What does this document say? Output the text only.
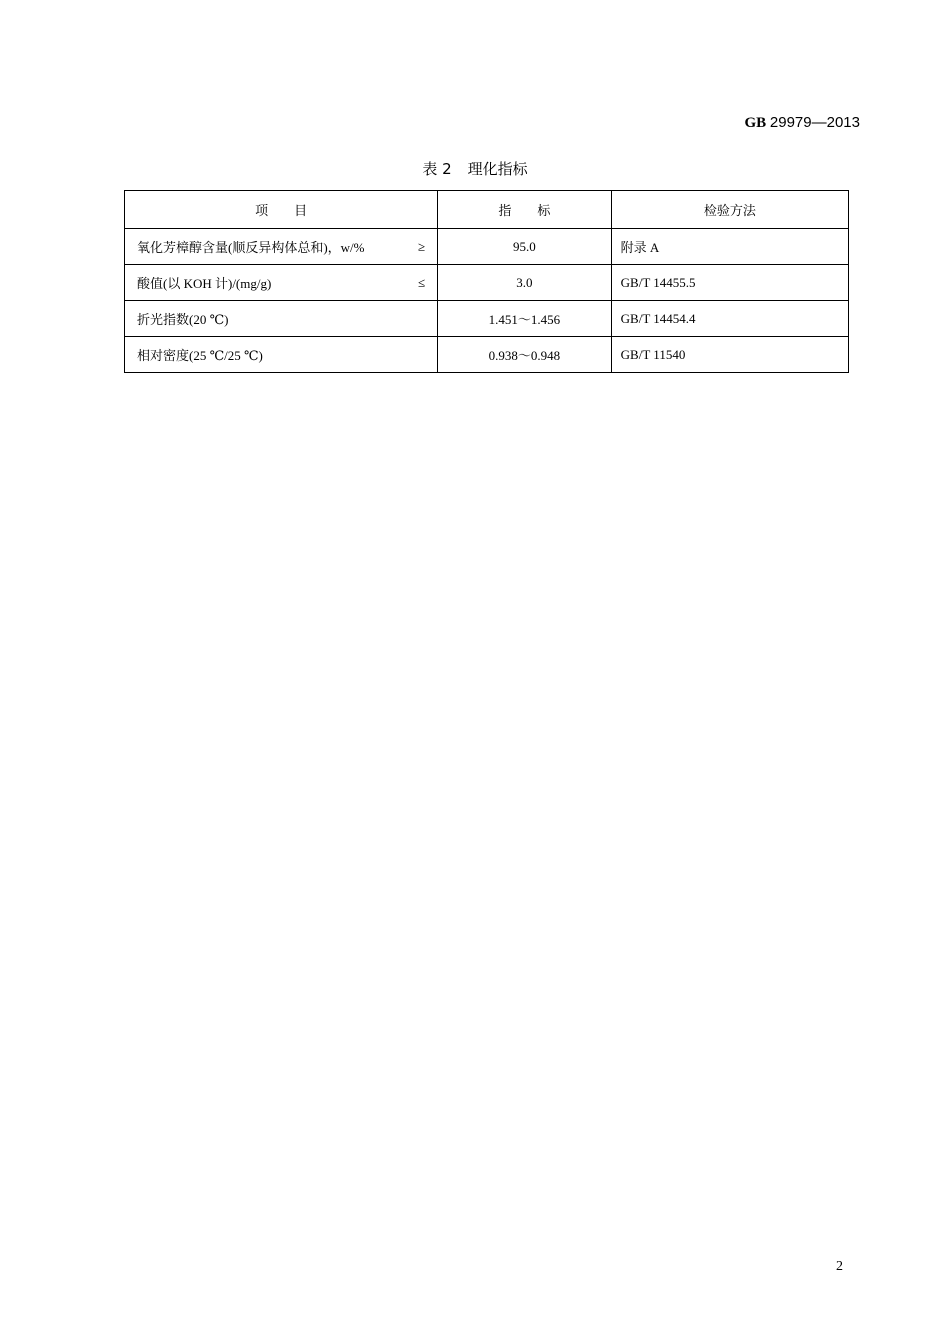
GB 29979—2013
表 2 理化指标
项　　目	指　　标	检验方法

氧化芳樟醇含量(顺反异构体总和)，w/% ≥	95.0	附录 A

酸值(以 KOH 计)/(mg/g) ≤	3.0	GB/T 14455.5

折光指数(20 ℃)	1.451～1.456	GB/T 14454.4

相对密度(25 ℃/25 ℃)	0.938～0.948	GB/T 11540
2
